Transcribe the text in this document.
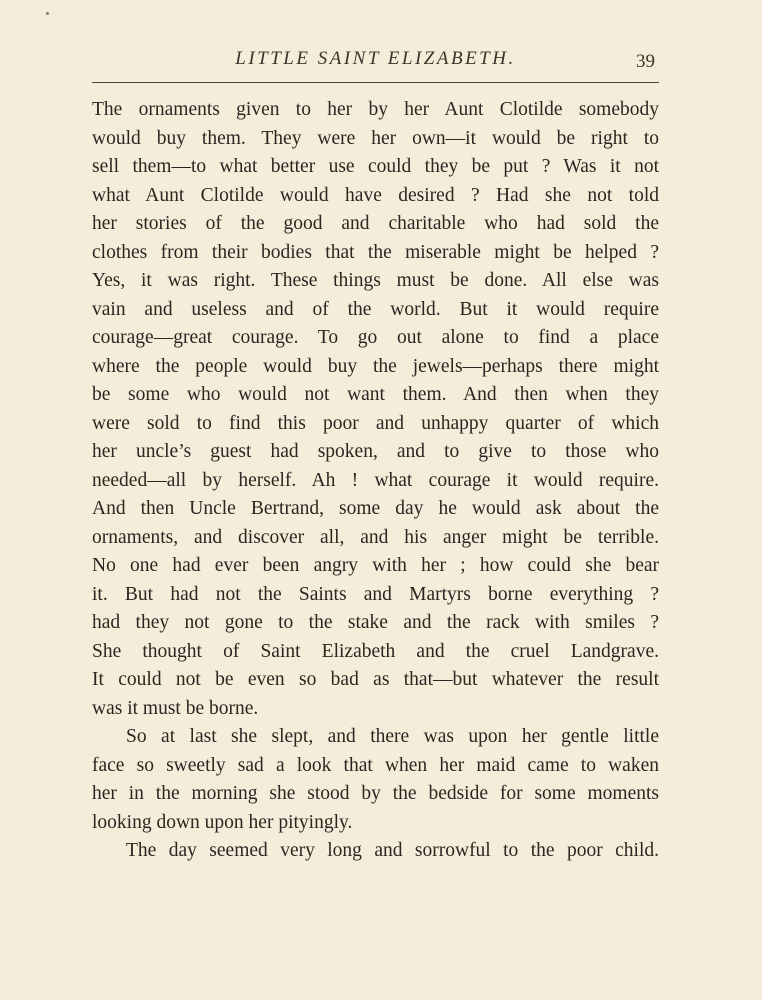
LITTLE SAINT ELIZABETH.	39
The ornaments given to her by her Aunt Clotilde somebody
would buy them. They were her own—it would be right to
sell them—to what better use could they be put ? Was it not
what Aunt Clotilde would have desired ? Had she not told
her stories of the good and charitable who had sold the
clothes from their bodies that the miserable might be helped ?
Yes, it was right. These things must be done. All else was
vain and useless and of the world. But it would require
courage—great courage. To go out alone to find a place
where the people would buy the jewels—perhaps there might
be some who would not want them. And then when they
were sold to find this poor and unhappy quarter of which
her uncle’s guest had spoken, and to give to those who
needed—all by herself. Ah ! what courage it would require.
And then Uncle Bertrand, some day he would ask about the
ornaments, and discover all, and his anger might be terrible.
No one had ever been angry with her ; how could she bear
it. But had not the Saints and Martyrs borne everything ?
had they not gone to the stake and the rack with smiles ?
She thought of Saint Elizabeth and the cruel Landgrave.
It could not be even so bad as that—but whatever the result
was it must be borne.
So at last she slept, and there was upon her gentle little
face so sweetly sad a look that when her maid came to waken
her in the morning she stood by the bedside for some moments
looking down upon her pityingly.
The day seemed very long and sorrowful to the poor child.
